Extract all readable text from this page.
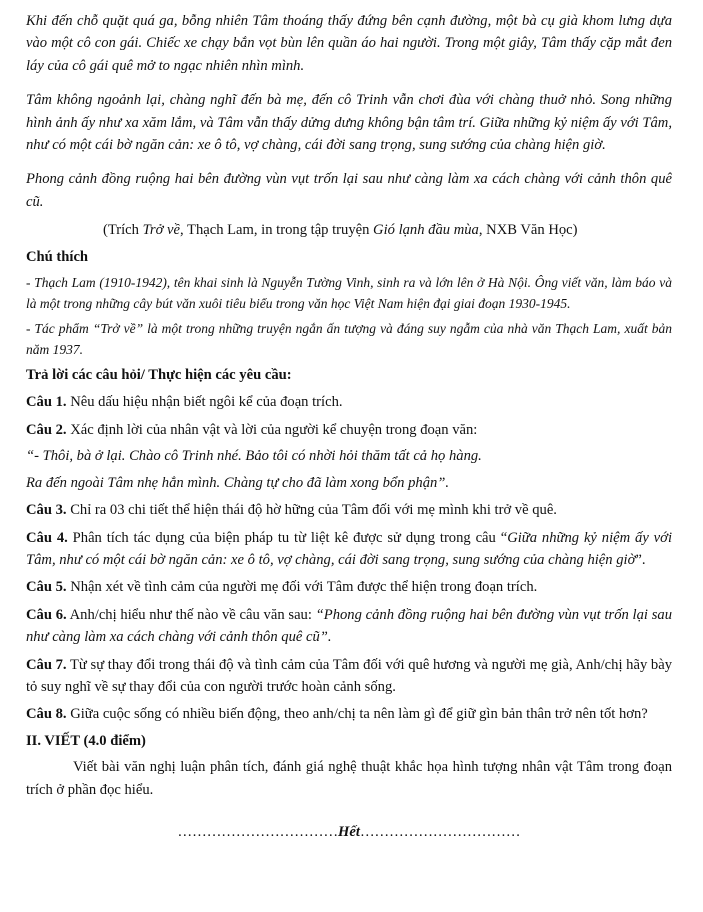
Khi đến chỗ quặt quá ga, bỗng nhiên Tâm thoáng thấy đứng bên cạnh đường, một bà cụ già khom lưng dựa vào một cô con gái. Chiếc xe chạy bắn vọt bùn lên quần áo hai người. Trong một giây, Tâm thấy cặp mắt đen láy của cô gái quê mở to ngạc nhiên nhìn mình.

Tâm không ngoảnh lại, chàng nghĩ đến bà mẹ, đến cô Trinh vẫn chơi đùa với chàng thuở nhỏ. Song những hình ảnh ấy như xa xăm lắm, và Tâm vẫn thấy dửng dưng không bận tâm trí. Giữa những kỷ niệm ấy với Tâm, như có một cái bờ ngăn cản: xe ô tô, vợ chàng, cái đời sang trọng, sung sướng của chàng hiện giờ.

Phong cảnh đồng ruộng hai bên đường vùn vụt trốn lại sau như càng làm xa cách chàng với cảnh thôn quê cũ.

(Trích Trở về, Thạch Lam, in trong tập truyện Gió lạnh đầu mùa, NXB Văn Học)

Chú thích

- Thạch Lam (1910-1942), tên khai sinh là Nguyễn Tường Vinh, sinh ra và lớn lên ở Hà Nội. Ông viết văn, làm báo và là một trong những cây bút văn xuôi tiêu biểu trong văn học Việt Nam hiện đại giai đoạn 1930-1945.

- Tác phẩm “Trở về” là một trong những truyện ngắn ấn tượng và đáng suy ngẫm của nhà văn Thạch Lam, xuất bản năm 1937.

Trả lời các câu hỏi/ Thực hiện các yêu cầu:

Câu 1. Nêu dấu hiệu nhận biết ngôi kể của đoạn trích.

Câu 2. Xác định lời của nhân vật và lời của người kể chuyện trong đoạn văn:

“- Thôi, bà ở lại. Chào cô Trinh nhé. Bảo tôi có nhời hỏi thăm tất cả họ hàng.

Ra đến ngoài Tâm nhẹ hẳn mình. Chàng tự cho đã làm xong bổn phận”.

Câu 3. Chỉ ra 03 chi tiết thể hiện thái độ hờ hững của Tâm đối với mẹ mình khi trở về quê.

Câu 4. Phân tích tác dụng của biện pháp tu từ liệt kê được sử dụng trong câu “Giữa những kỷ niệm ấy với Tâm, như có một cái bờ ngăn cản: xe ô tô, vợ chàng, cái đời sang trọng, sung sướng của chàng hiện giờ”.

Câu 5. Nhận xét về tình cảm của người mẹ đối với Tâm được thể hiện trong đoạn trích.

Câu 6. Anh/chị hiểu như thế nào về câu văn sau: “Phong cảnh đồng ruộng hai bên đường vùn vụt trốn lại sau như càng làm xa cách chàng với cảnh thôn quê cũ”.

Câu 7. Từ sự thay đổi trong thái độ và tình cảm của Tâm đối với quê hương và người mẹ già, Anh/chị hãy bày tỏ suy nghĩ về sự thay đổi của con người trước hoàn cảnh sống.

Câu 8. Giữa cuộc sống có nhiều biến động, theo anh/chị ta nên làm gì để giữ gìn bản thân trở nên tốt hơn?

II. VIẾT (4.0 điểm)

Viết bài văn nghị luận phân tích, đánh giá nghệ thuật khắc họa hình tượng nhân vật Tâm trong đoạn trích ở phần đọc hiểu.

……………………………Hết……………………………
